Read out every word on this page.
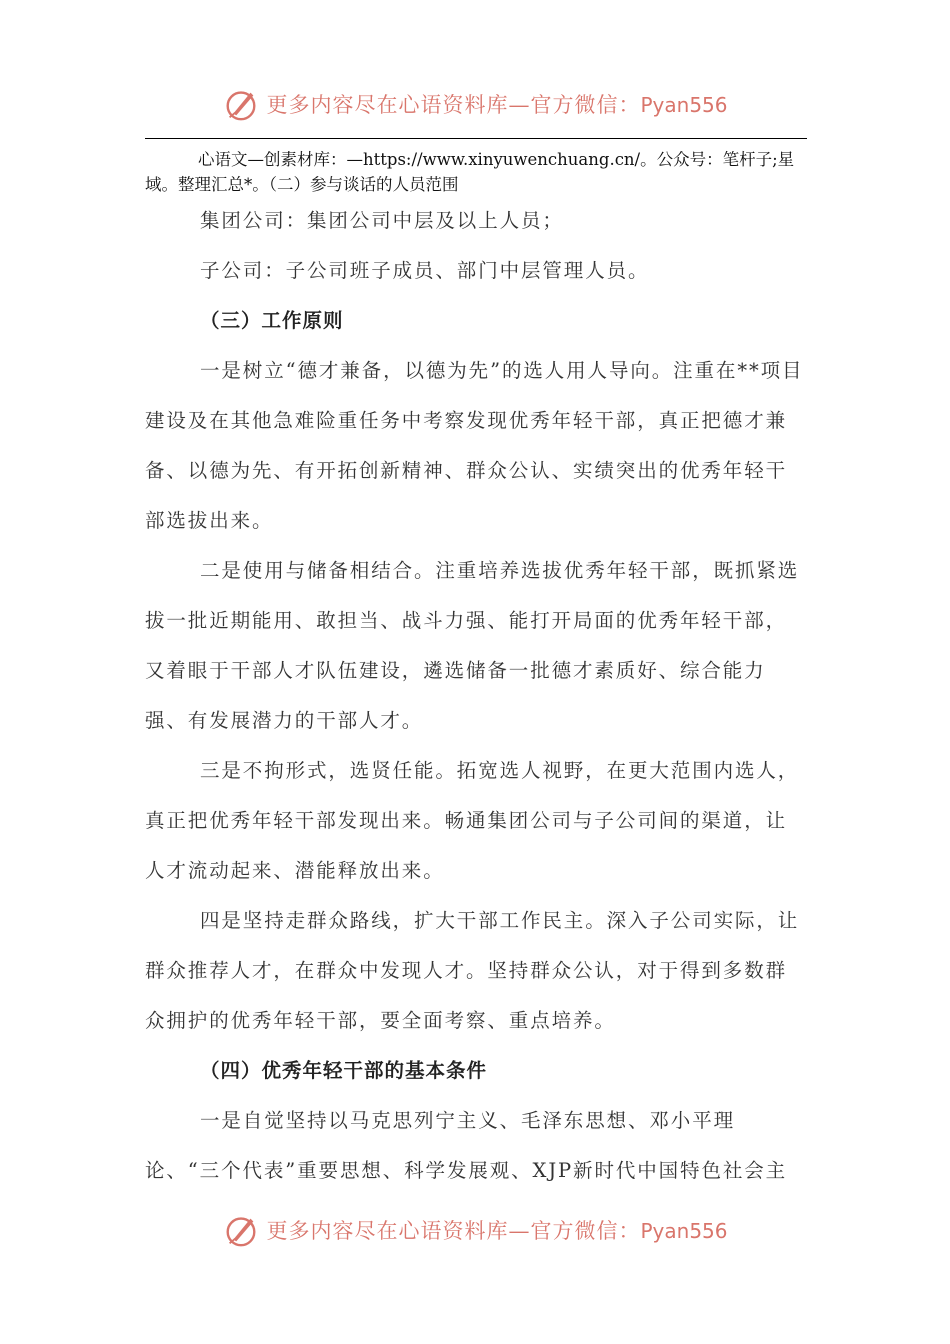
更多内容尽在心语资料库—官方微信：Pyan556
心语文—创素材库：—https://www.xinyuwenchuang.cn/。公众号：笔杆子;星域。整理汇总*。（二）参与谈话的人员范围

集团公司：集团公司中层及以上人员；

子公司：子公司班子成员、部门中层管理人员。

（三）工作原则

一是树立“德才兼备，以德为先”的选人用人导向。注重在**项目建设及在其他急难险重任务中考察发现优秀年轻干部，真正把德才兼备、以德为先、有开拓创新精神、群众公认、实绩突出的优秀年轻干部选拔出来。

二是使用与储备相结合。注重培养选拔优秀年轻干部，既抓紧选拔一批近期能用、敢担当、战斗力强、能打开局面的优秀年轻干部，又着眼于干部人才队伍建设，遴选储备一批德才素质好、综合能力强、有发展潜力的干部人才。

三是不拘形式，选贤任能。拓宽选人视野，在更大范围内选人，真正把优秀年轻干部发现出来。畅通集团公司与子公司间的渠道，让人才流动起来、潜能释放出来。

四是坚持走群众路线，扩大干部工作民主。深入子公司实际，让群众推荐人才，在群众中发现人才。坚持群众公认，对于得到多数群众拥护的优秀年轻干部，要全面考察、重点培养。

（四）优秀年轻干部的基本条件

一是自觉坚持以马克思列宁主义、毛泽东思想、邓小平理论、“三个代表”重要思想、科学发展观、XJP新时代中国特色社会主

更多内容尽在心语资料库—官方微信：Pyan556
